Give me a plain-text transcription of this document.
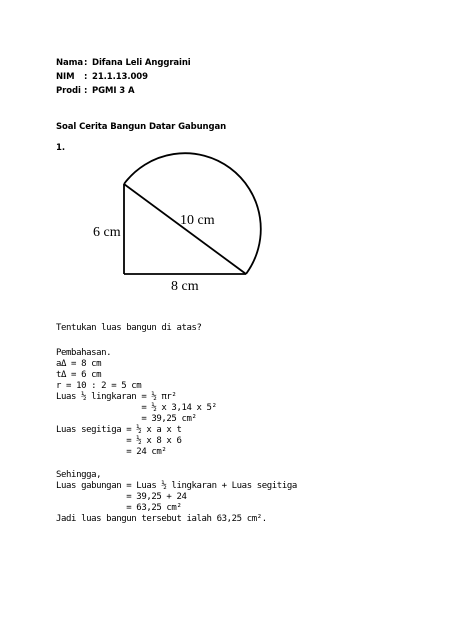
Nama: Difana Leli Anggraini
NIM : 21.1.13.009
Prodi : PGMI 3 A
Soal Cerita Bangun Datar Gabungan
1.
6 cm
10 cm
8 cm
Tentukan luas bangun di atas?
Pembahasan.
aΔ = 8 cm
tΔ = 6 cm
r = 10 : 2 = 5 cm
Luas ½ lingkaran = ½ πr²
= ½ x 3,14 x 5²
= 39,25 cm²
Luas segitiga = ½ x a x t
= ½ x 8 x 6
= 24 cm²
Sehingga,
Luas gabungan = Luas ½ lingkaran + Luas segitiga
= 39,25 + 24
= 63,25 cm²
Jadi luas bangun tersebut ialah 63,25 cm².
